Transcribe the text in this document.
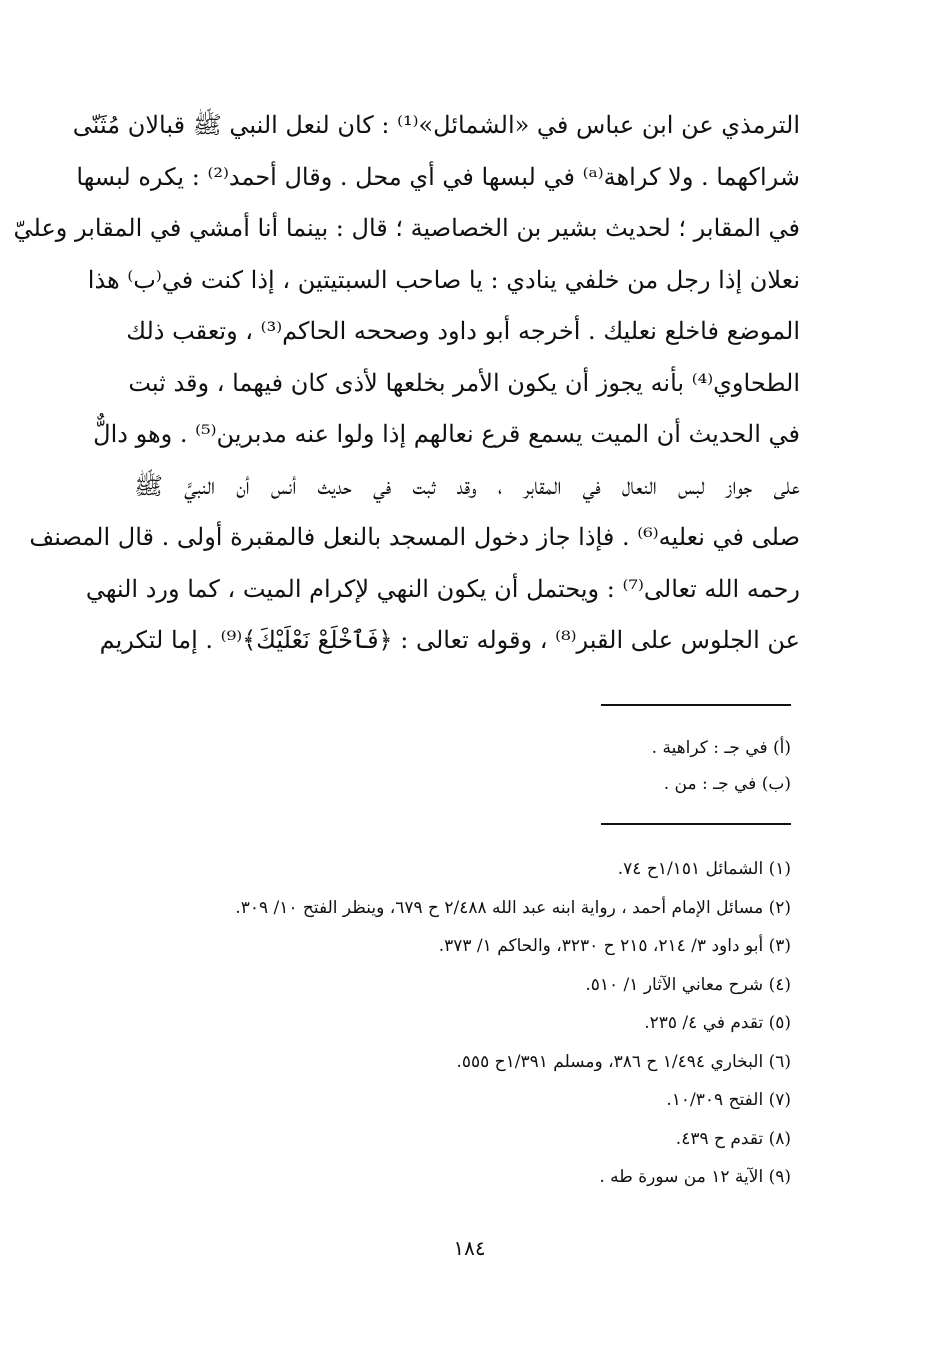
الترمذي عن ابن عباس في «الشمائل»⁽¹⁾ : كان لنعل النبي ﷺ قبالان مُثَنّى
شراكهما . ولا كراهة⁽ᵃ⁾ في لبسها في أي محل . وقال أحمد⁽²⁾ : يكره لبسها
في المقابر ؛ لحديث بشير بن الخصاصية ؛ قال : بينما أنا أمشي في المقابر وعليّ
نعلان إذا رجل من خلفي ينادي : يا صاحب السبتيتين ، إذا كنت في⁽ب⁾ هذا
الموضع فاخلع نعليك . أخرجه أبو داود وصححه الحاكم⁽³⁾ ، وتعقب ذلك
الطحاوي⁽⁴⁾ بأنه يجوز أن يكون الأمر بخلعها لأذى كان فيهما ، وقد ثبت
في الحديث أن الميت يسمع قرع نعالهم إذا ولوا عنه مدبرين⁽⁵⁾ . وهو دالٌّ
على جواز لبس النعال في المقابر ، وقد ثبت في حديث أنس أن النبيَّ ﷺ
صلى في نعليه⁽⁶⁾ . فإذا جاز دخول المسجد بالنعل فالمقبرة أولى . قال المصنف
رحمه الله تعالى⁽⁷⁾ : ويحتمل أن يكون النهي لإكرام الميت ، كما ورد النهي
عن الجلوس على القبر⁽⁸⁾ ، وقوله تعالى : ﴿فَٱخْلَعْ نَعْلَيْكَ﴾⁽⁹⁾ . إما لتكريم
(أ) في جـ : كراهية .
(ب) في جـ : من .
(١) الشمائل ١/١٥١ح ٧٤.
(٢) مسائل الإمام أحمد ، رواية ابنه عبد الله ٢/٤٨٨ ح ٦٧٩، وينظر الفتح ١٠/ ٣٠٩.
(٣) أبو داود ٣/ ٢١٤، ٢١٥ ح ٣٢٣٠، والحاكم ١/ ٣٧٣.
(٤) شرح معاني الآثار ١/ ٥١٠.
(٥) تقدم في ٤/ ٢٣٥.
(٦) البخاري ١/٤٩٤ ح ٣٨٦، ومسلم ١/٣٩١ح ٥٥٥.
(٧) الفتح ١٠/٣٠٩.
(٨) تقدم ح ٤٣٩.
(٩) الآية ١٢ من سورة طه .
١٨٤
